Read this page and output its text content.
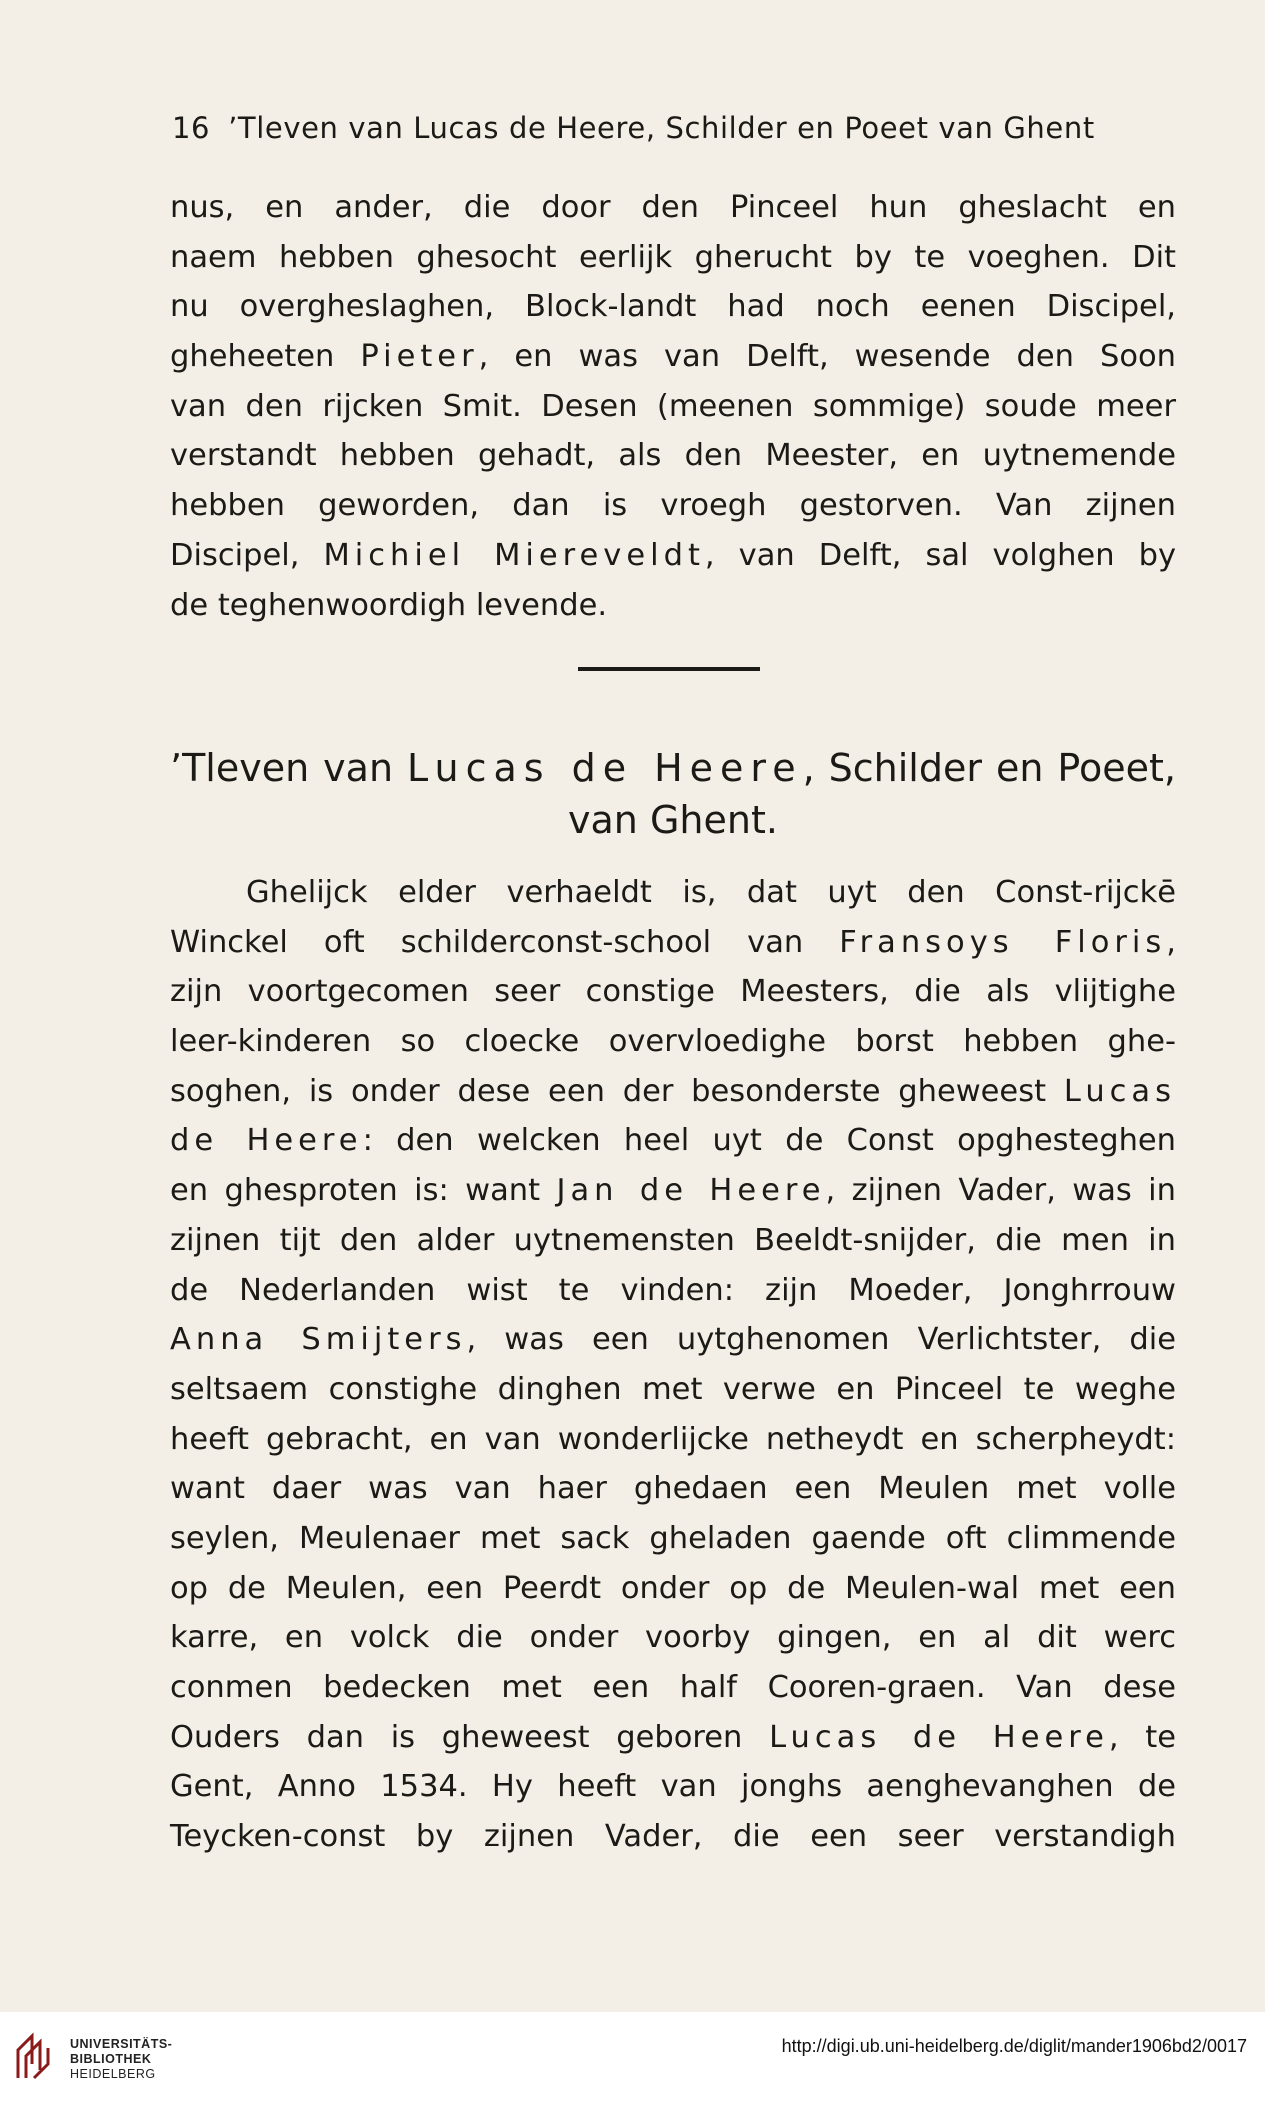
16 ’Tleven van Lucas de Heere, Schilder en Poeet van Ghent
nus, en ander, die door den Pinceel hun gheslacht en
naem hebben ghesocht eerlijk gherucht by te voeghen. Dit
nu overgheslaghen, Block-landt had noch eenen Discipel,
gheheeten Pieter, en was van Delft, wesende den Soon
van den rijcken Smit. Desen (meenen sommige) soude meer
verstandt hebben gehadt, als den Meester, en uytnemende
hebben geworden, dan is vroegh gestorven. Van zijnen
Discipel, Michiel Miereveldt, van Delft, sal volghen by
de teghenwoordigh levende.
’Tleven van Lucas de Heere, Schilder en Poeet,
van Ghent.
Ghelijck elder verhaeldt is, dat uyt den Const-rijckē
Winckel oft schilderconst-school van Fransoys Floris,
zijn voortgecomen seer constige Meesters, die als vlijtighe
leer-kinderen so cloecke overvloedighe borst hebben ghe-
soghen, is onder dese een der besonderste gheweest Lucas
de Heere: den welcken heel uyt de Const opghesteghen
en ghesproten is: want Jan de Heere, zijnen Vader, was in
zijnen tijt den alder uytnemensten Beeldt-snijder, die men in
de Nederlanden wist te vinden: zijn Moeder, Jonghrrouw
Anna Smijters, was een uytghenomen Verlichtster, die
seltsaem constighe dinghen met verwe en Pinceel te weghe
heeft gebracht, en van wonderlijcke netheydt en scherpheydt:
want daer was van haer ghedaen een Meulen met volle
seylen, Meulenaer met sack gheladen gaende oft climmende
op de Meulen, een Peerdt onder op de Meulen-wal met een
karre, en volck die onder voorby gingen, en al dit werc
conmen bedecken met een half Cooren-graen. Van dese
Ouders dan is gheweest geboren Lucas de Heere, te
Gent, Anno 1534. Hy heeft van jonghs aenghevanghen de
Teycken-const by zijnen Vader, die een seer verstandigh
UNIVERSITÄTS-
BIBLIOTHEK
HEIDELBERG
http://digi.ub.uni-heidelberg.de/diglit/mander1906bd2/0017
